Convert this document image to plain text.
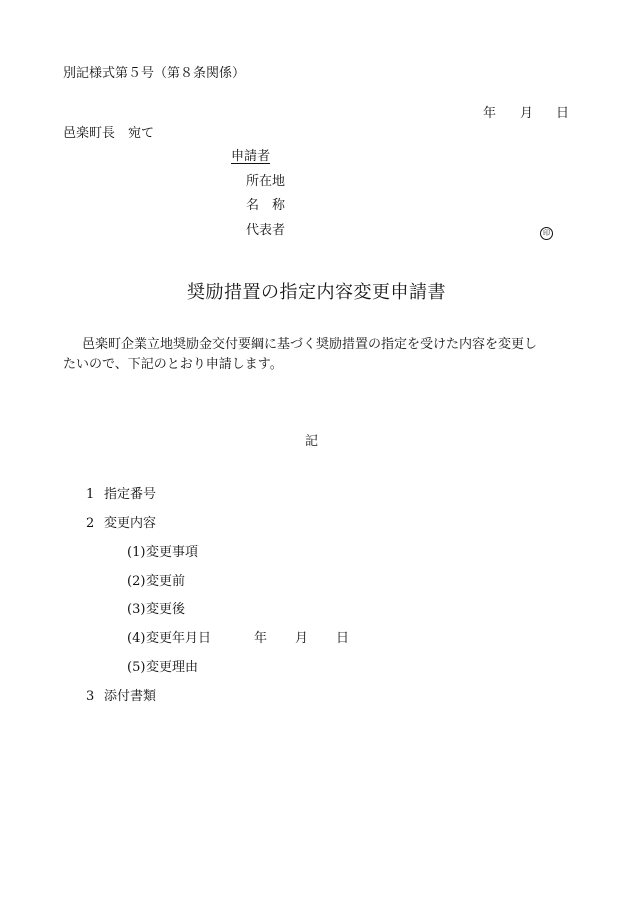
別記様式第５号（第８条関係）
年 月 日
邑楽町長　宛て
申請者
所在地
名　称
代表者	印
奨励措置の指定内容変更申請書
邑楽町企業立地奨励金交付要綱に基づく奨励措置の指定を受けた内容を変更し
たいので、下記のとおり申請します。
記
1 指定番号
2 変更内容
(1) 変更事項
(2) 変更前
(3) 変更後
(4) 変更年月日	年 月 日
(5) 変更理由
3 添付書類
